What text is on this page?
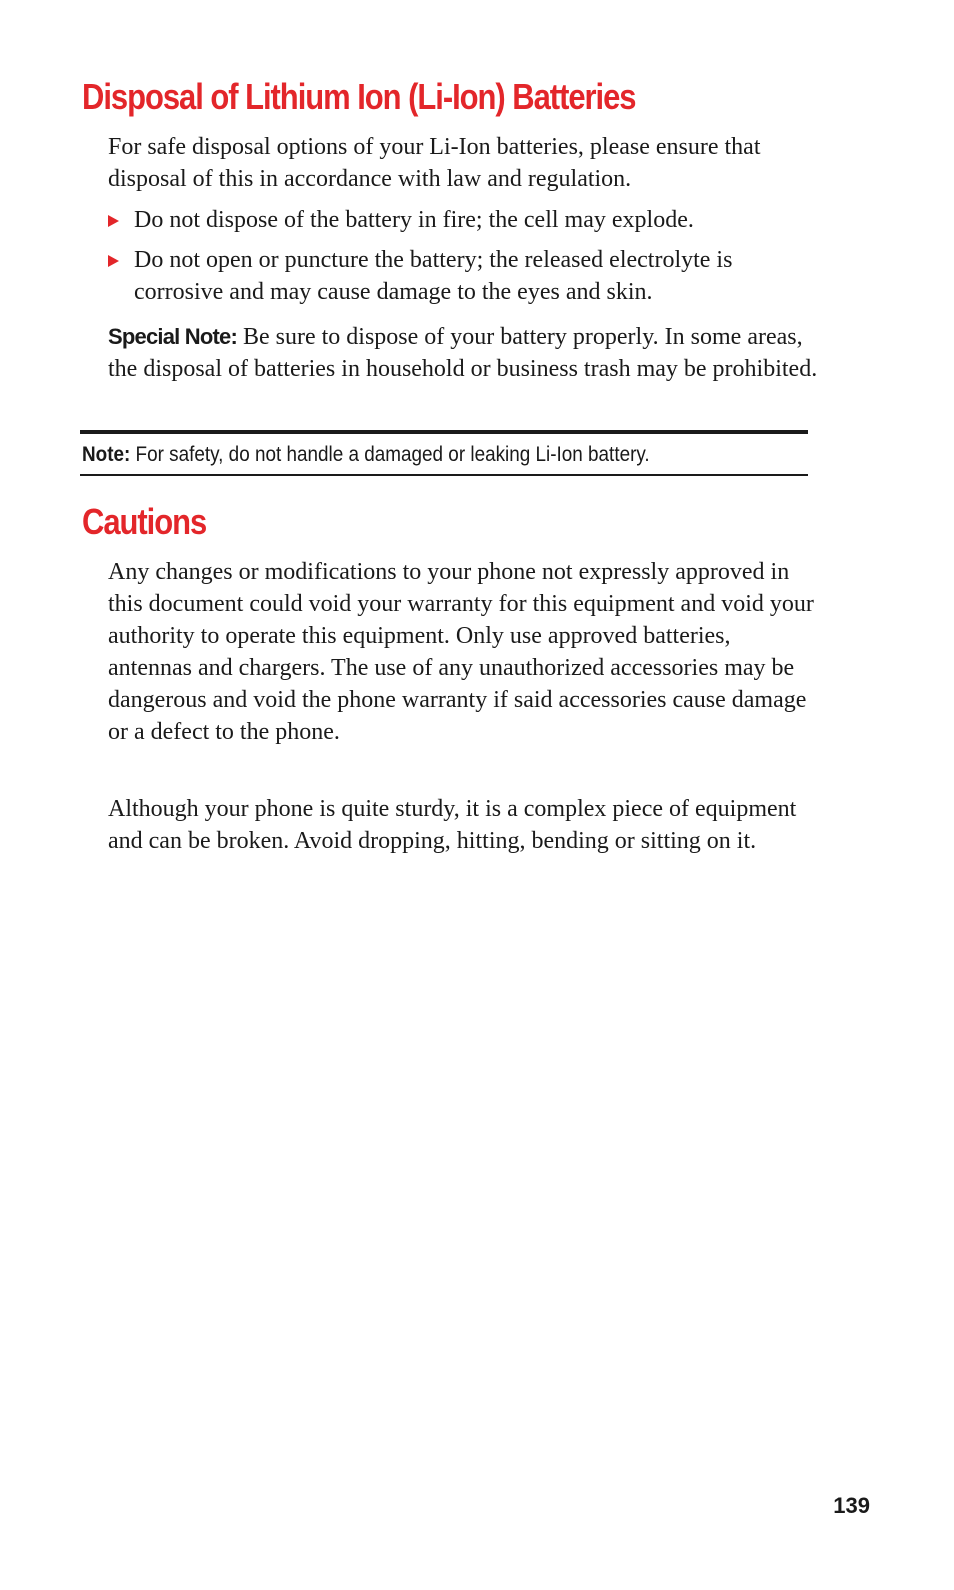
Disposal of Lithium Ion (Li-Ion) Batteries

For safe disposal options of your Li-Ion batteries, please ensure that disposal of this in accordance with law and regulation.

Do not dispose of the battery in fire; the cell may explode.
Do not open or puncture the battery; the released electrolyte is corrosive and may cause damage to the eyes and skin.

Special Note: Be sure to dispose of your battery properly. In some areas, the disposal of batteries in household or business trash may be prohibited.

Note: For safety, do not handle a damaged or leaking Li-Ion battery.
Cautions

Any changes or modifications to your phone not expressly approved in this document could void your warranty for this equipment and void your authority to operate this equipment. Only use approved batteries, antennas and chargers. The use of any unauthorized accessories may be dangerous and void the phone warranty if said accessories cause damage or a defect to the phone.

Although your phone is quite sturdy, it is a complex piece of equipment and can be broken. Avoid dropping, hitting, bending or sitting on it.

139
